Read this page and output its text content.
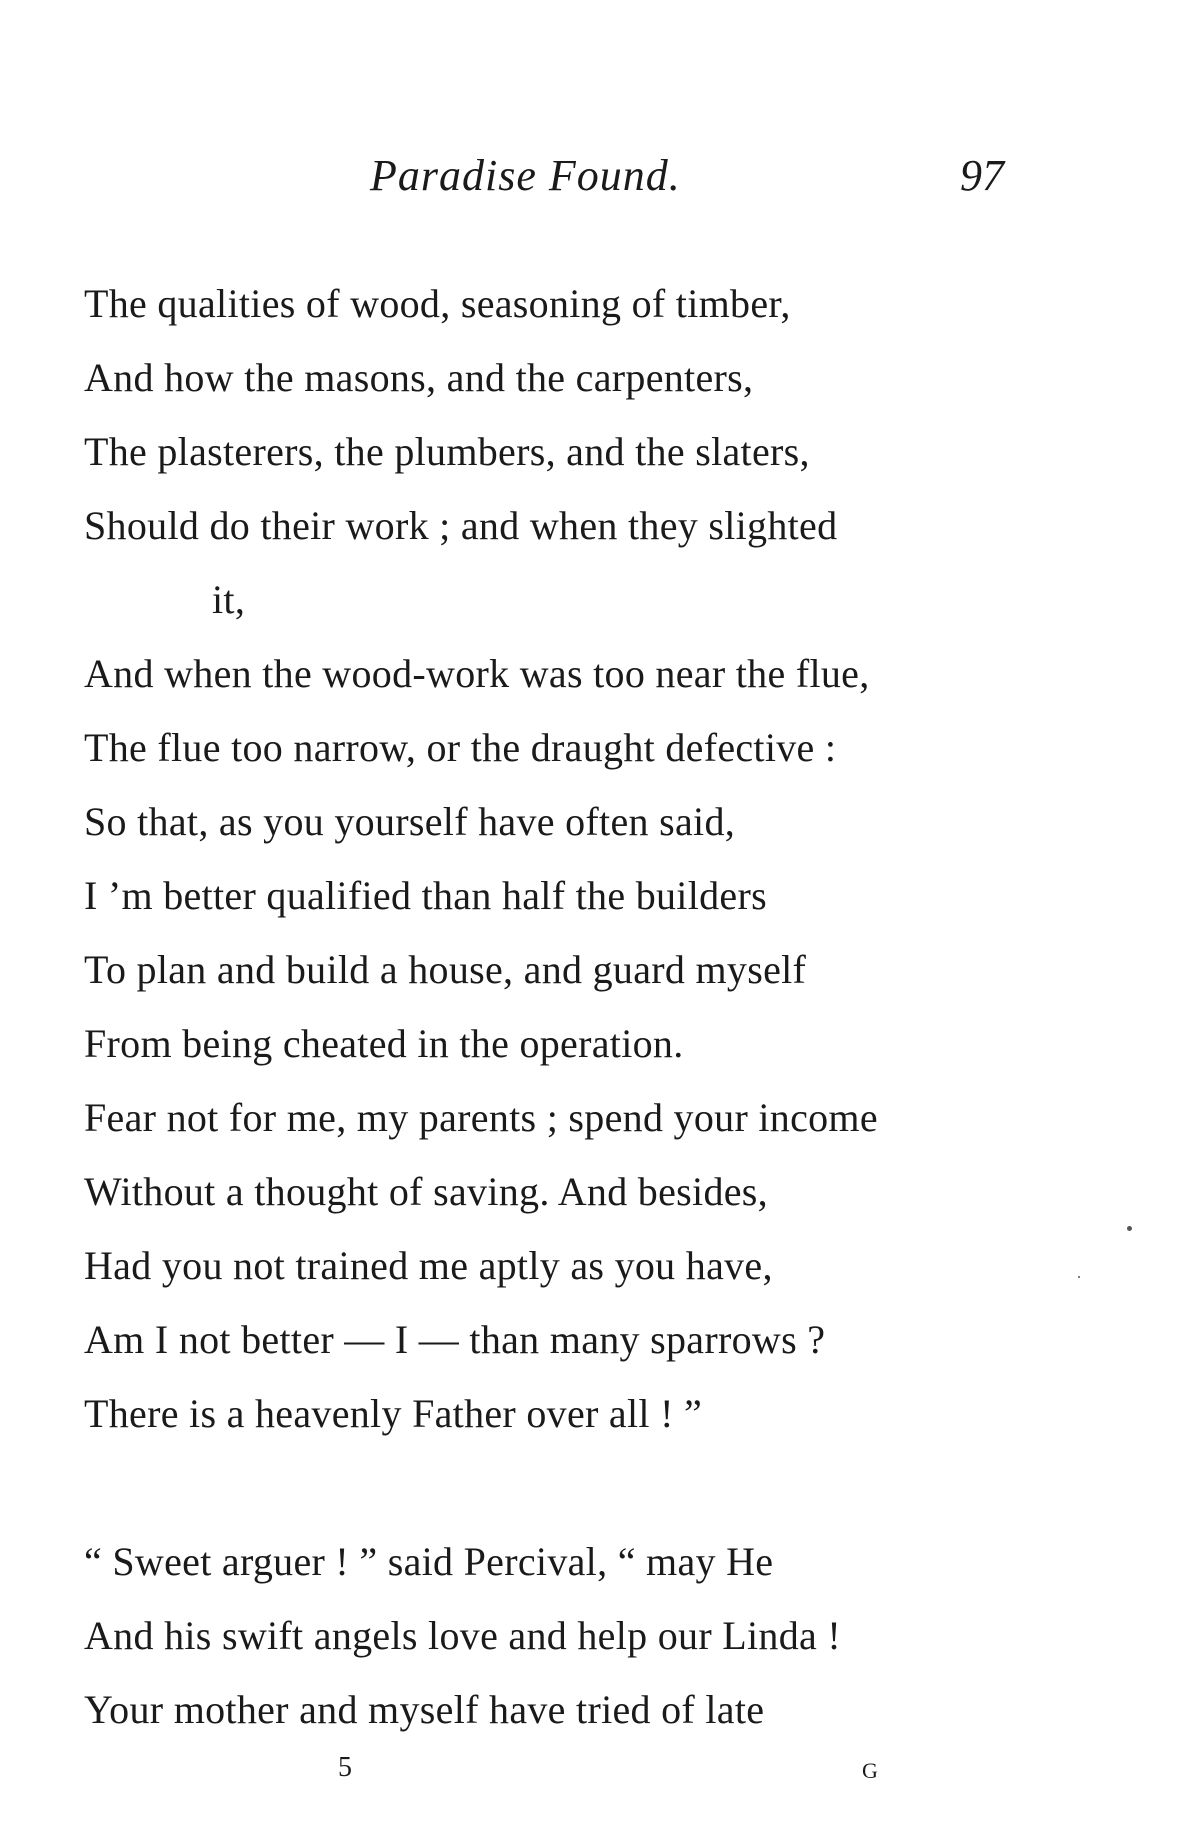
Paradise Found.	97
The qualities of wood, seasoning of timber,
And how the masons, and the carpenters,
The plasterers, the plumbers, and the slaters,
Should do their work ; and when they slighted
it,
And when the wood-work was too near the flue,
The flue too narrow, or the draught defective :
So that, as you yourself have often said,
I ’m better qualified than half the builders
To plan and build a house, and guard myself
From being cheated in the operation.
Fear not for me, my parents ; spend your income
Without a thought of saving. And besides,
Had you not trained me aptly as you have,
Am I not better — I — than many sparrows ?
There is a heavenly Father over all ! ”
“ Sweet arguer ! ” said Percival, “ may He
And his swift angels love and help our Linda !
Your mother and myself have tried of late
5	G
